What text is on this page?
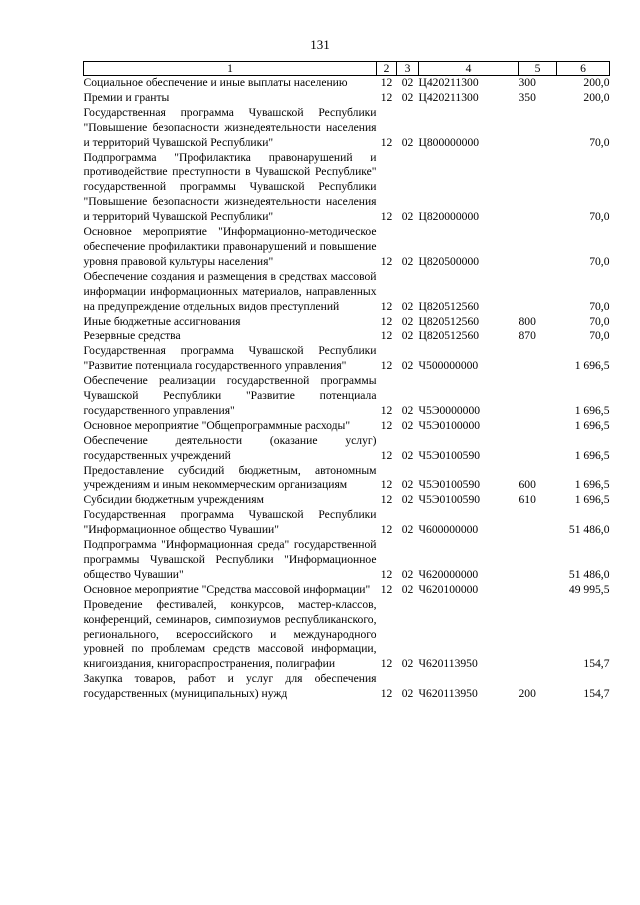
131
1	2	3	4	5	6
Социальное обеспечение и иные выплаты населению	12	02	Ц420211300	300	200,0
Премии и гранты	12	02	Ц420211300	350	200,0
Государственная программа Чувашской Республики "Повышение безопасности жизнедеятельности населения и территорий Чувашской Республики"	12	02	Ц800000000		70,0
Подпрограмма "Профилактика правонарушений и противодействие преступности в Чувашской Республике" государственной программы Чувашской Республики "Повышение безопасности жизнедеятельности населения и территорий Чувашской Республики"	12	02	Ц820000000		70,0
Основное мероприятие "Информационно-методическое обеспечение профилактики правонарушений и повышение уровня правовой культуры населения"	12	02	Ц820500000		70,0
Обеспечение создания и размещения в средствах массовой информации информационных материалов, направленных на предупреждение отдельных видов преступлений	12	02	Ц820512560		70,0
Иные бюджетные ассигнования	12	02	Ц820512560	800	70,0
Резервные средства	12	02	Ц820512560	870	70,0
Государственная программа Чувашской Республики "Развитие потенциала государственного управления"	12	02	Ч500000000		1 696,5
Обеспечение реализации государственной программы Чувашской Республики "Развитие потенциала государственного управления"	12	02	Ч5Э0000000		1 696,5
Основное мероприятие "Общепрограммные расходы"	12	02	Ч5Э0100000		1 696,5
Обеспечение деятельности (оказание услуг) государственных учреждений	12	02	Ч5Э0100590		1 696,5
Предоставление субсидий бюджетным, автономным учреждениям и иным некоммерческим организациям	12	02	Ч5Э0100590	600	1 696,5
Субсидии бюджетным учреждениям	12	02	Ч5Э0100590	610	1 696,5
Государственная программа Чувашской Республики "Информационное общество Чувашии"	12	02	Ч600000000		51 486,0
Подпрограмма "Информационная среда" государственной программы Чувашской Республики "Информационное общество Чувашии"	12	02	Ч620000000		51 486,0
Основное мероприятие "Средства массовой информации"	12	02	Ч620100000		49 995,5
Проведение фестивалей, конкурсов, мастер-классов, конференций, семинаров, симпозиумов республиканского, регионального, всероссийского и международного уровней по проблемам средств массовой информации, книгоиздания, книгораспространения, полиграфии	12	02	Ч620113950		154,7
Закупка товаров, работ и услуг для обеспечения государственных (муниципальных) нужд	12	02	Ч620113950	200	154,7
